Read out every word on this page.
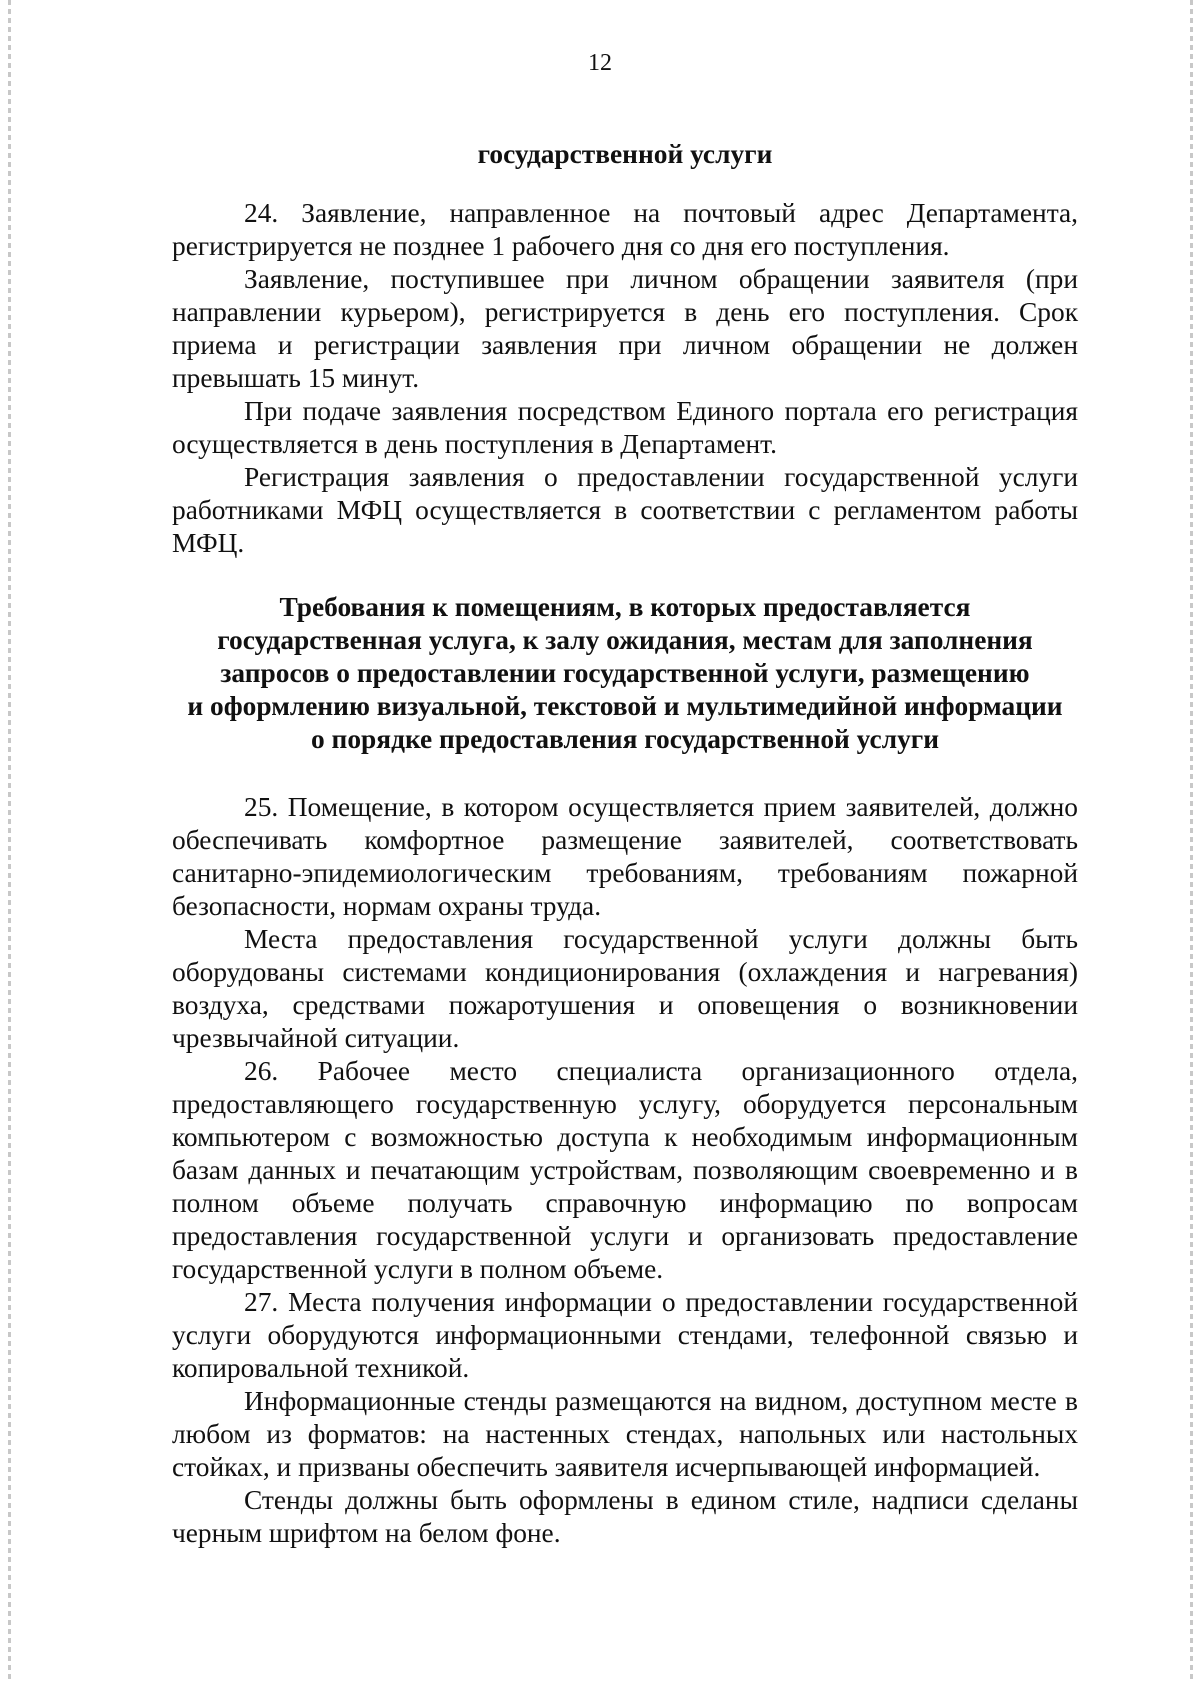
12

государственной услуги

24. Заявление, направленное на почтовый адрес Департамента, регистрируется не позднее 1 рабочего дня со дня его поступления.

Заявление, поступившее при личном обращении заявителя (при направлении курьером), регистрируется в день его поступления. Срок приема и регистрации заявления при личном обращении не должен превышать 15 минут.

При подаче заявления посредством Единого портала его регистрация осуществляется в день поступления в Департамент.

Регистрация заявления о предоставлении государственной услуги работниками МФЦ осуществляется в соответствии с регламентом работы МФЦ.

Требования к помещениям, в которых предоставляется
государственная услуга, к залу ожидания, местам для заполнения
запросов о предоставлении государственной услуги, размещению
и оформлению визуальной, текстовой и мультимедийной информации
о порядке предоставления государственной услуги

25. Помещение, в котором осуществляется прием заявителей, должно обеспечивать комфортное размещение заявителей, соответствовать санитарно-эпидемиологическим требованиям, требованиям пожарной безопасности, нормам охраны труда.

Места предоставления государственной услуги должны быть оборудованы системами кондиционирования (охлаждения и нагревания) воздуха, средствами пожаротушения и оповещения о возникновении чрезвычайной ситуации.

26. Рабочее место специалиста организационного отдела, предоставляющего государственную услугу, оборудуется персональным компьютером с возможностью доступа к необходимым информационным базам данных и печатающим устройствам, позволяющим своевременно и в полном объеме получать справочную информацию по вопросам предоставления государственной услуги и организовать предоставление государственной услуги в полном объеме.

27. Места получения информации о предоставлении государственной услуги оборудуются информационными стендами, телефонной связью и копировальной техникой.

Информационные стенды размещаются на видном, доступном месте в любом из форматов: на настенных стендах, напольных или настольных стойках, и призваны обеспечить заявителя исчерпывающей информацией.

Стенды должны быть оформлены в едином стиле, надписи сделаны черным шрифтом на белом фоне.
